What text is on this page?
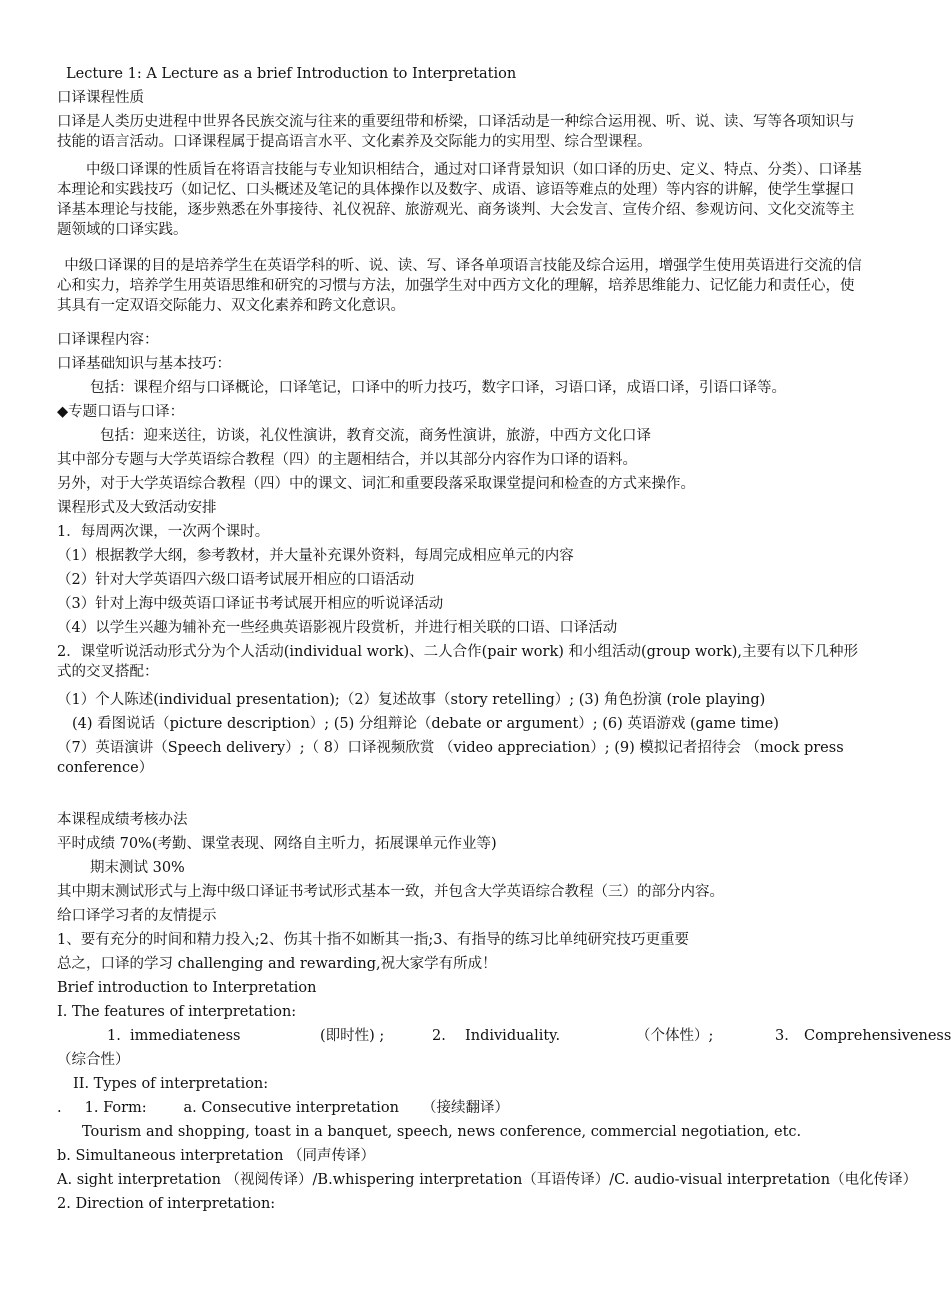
Lecture 1: A Lecture as a brief Introduction to Interpretation
口译课程性质
口译是人类历史进程中世界各民族交流与往来的重要纽带和桥梁，口译活动是一种综合运用视、听、说、读、写等各项知识与技能的语言活动。口译课程属于提高语言水平、文化素养及交际能力的实用型、综合型课程。
中级口译课的性质旨在将语言技能与专业知识相结合，通过对口译背景知识（如口译的历史、定义、特点、分类）、口译基本理论和实践技巧（如记忆、口头概述及笔记的具体操作以及数字、成语、谚语等难点的处理）等内容的讲解，使学生掌握口译基本理论与技能，逐步熟悉在外事接待、礼仪祝辞、旅游观光、商务谈判、大会发言、宣传介绍、参观访问、文化交流等主题领域的口译实践。
中级口译课的目的是培养学生在英语学科的听、说、读、写、译各单项语言技能及综合运用，增强学生使用英语进行交流的信心和实力，培养学生用英语思维和研究的习惯与方法，加强学生对中西方文化的理解，培养思维能力、记忆能力和责任心，使其具有一定双语交际能力、双文化素养和跨文化意识。
口译课程内容：
口译基础知识与基本技巧：
包括：课程介绍与口译概论，口译笔记，口译中的听力技巧，数字口译，习语口译，成语口译，引语口译等。
◆专题口语与口译：
包括：迎来送往，访谈，礼仪性演讲，教育交流，商务性演讲，旅游，中西方文化口译
其中部分专题与大学英语综合教程（四）的主题相结合，并以其部分内容作为口译的语料。
另外，对于大学英语综合教程（四）中的课文、词汇和重要段落采取课堂提问和检查的方式来操作。
课程形式及大致活动安排
1．每周两次课，一次两个课时。
（1）根据教学大纲，参考教材，并大量补充课外资料，每周完成相应单元的内容
（2）针对大学英语四六级口语考试展开相应的口语活动
（3）针对上海中级英语口译证书考试展开相应的听说译活动
（4）以学生兴趣为辅补充一些经典英语影视片段赏析，并进行相关联的口语、口译活动
2．课堂听说活动形式分为个人活动(individual work)、二人合作(pair work) 和小组活动(group work),主要有以下几种形式的交叉搭配：
（1）个人陈述(individual presentation);（2）复述故事（story retelling）; (3) 角色扮演 (role playing)
(4) 看图说话（picture description）; (5) 分组辩论（debate or argument）; (6) 英语游戏 (game time)
（7）英语演讲（Speech delivery）;（ 8）口译视频欣赏 （video appreciation）; (9) 模拟记者招待会 （mock press conference）
本课程成绩考核办法
平时成绩 70%(考勤、课堂表现、网络自主听力，拓展课单元作业等)
期末测试 30%
其中期末测试形式与上海中级口译证书考试形式基本一致，并包含大学英语综合教程（三）的部分内容。
给口译学习者的友情提示
1、要有充分的时间和精力投入;2、伤其十指不如断其一指;3、有指导的练习比单纯研究技巧更重要
总之，口译的学习 challenging and rewarding,祝大家学有所成！
Brief introduction to Interpretation
I. The features of interpretation:
1. immediateness	(即时性) ;	2. Individuality.	（个体性）;	3. Comprehensiveness
（综合性）
II. Types of interpretation:
.     1. Form:        a. Consecutive interpretation     （接续翻译）
Tourism and shopping, toast in a banquet, speech, news conference, commercial negotiation, etc.
b. Simultaneous interpretation （同声传译）
A. sight interpretation （视阅传译）/B.whispering interpretation（耳语传译）/C. audio-visual interpretation（电化传译）
2. Direction of interpretation:
